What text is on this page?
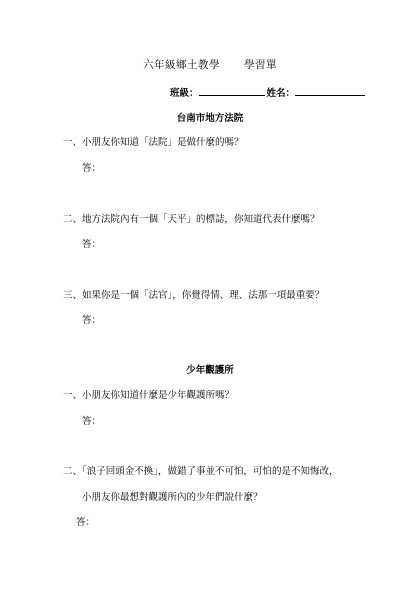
六年級鄉土教學 學習單
班級：	姓名：
台南市地方法院
一、小朋友你知道「法院」是做什麼的嗎？
答：
二、地方法院內有一個「天平」的標誌，你知道代表什麼嗎？
答：
三、如果你是一個「法官」，你覺得情、理、法那一項最重要？
答：
少年觀護所
一、小朋友你知道什麼是少年觀護所嗎？
答：
二、「浪子回頭金不換」，做錯了事並不可怕，可怕的是不知悔改，
小朋友你最想對觀護所內的少年們說什麼？
答：
